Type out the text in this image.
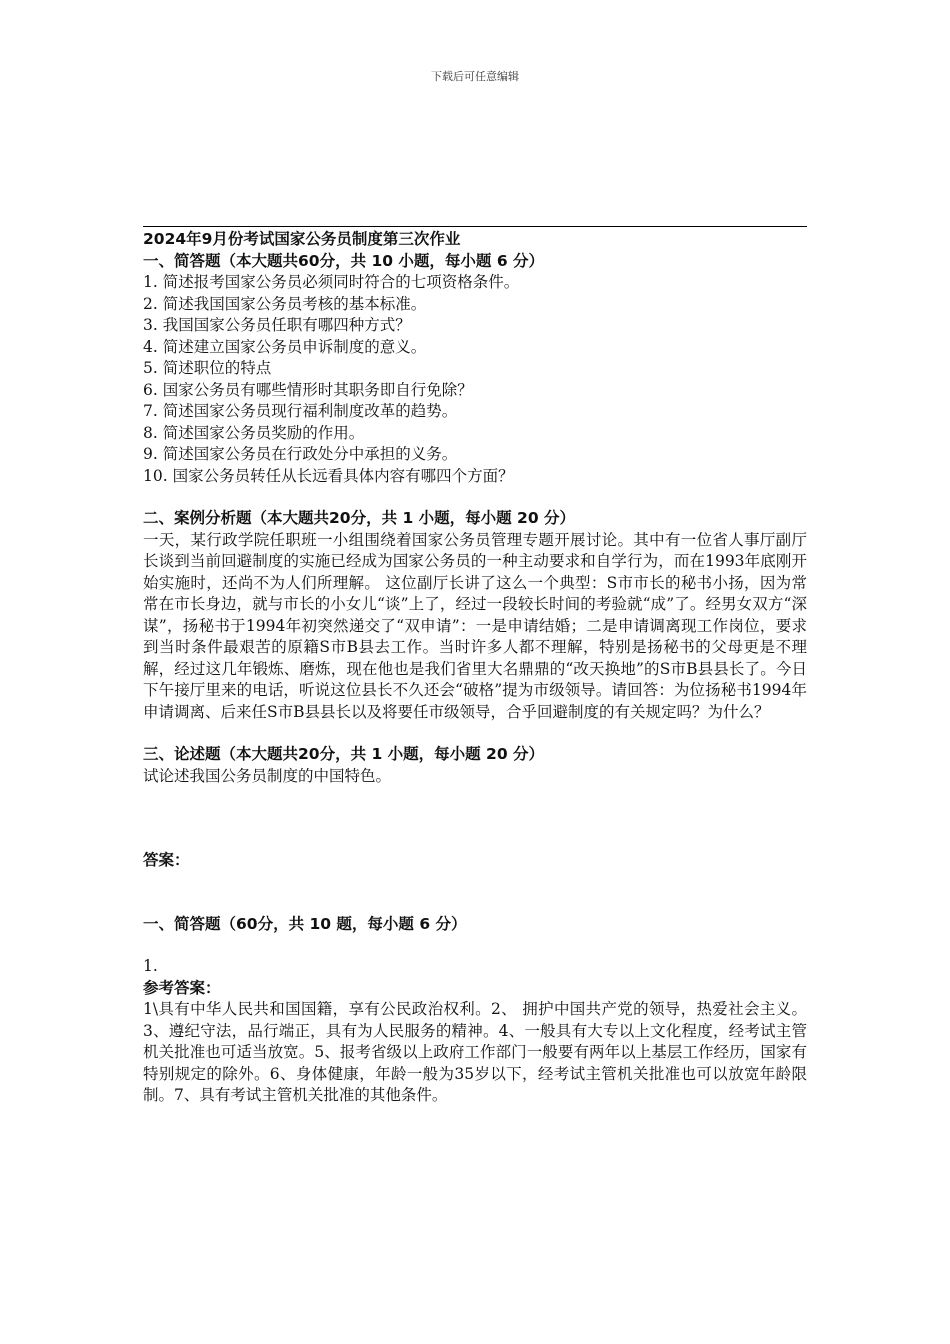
下载后可任意编辑

2024年9月份考试国家公务员制度第三次作业

一、简答题（本大题共60分，共 10 小题，每小题 6 分）

1. 简述报考国家公务员必须同时符合的七项资格条件。

2. 简述我国国家公务员考核的基本标准。

3. 我国国家公务员任职有哪四种方式？

4. 简述建立国家公务员申诉制度的意义。

5. 简述职位的特点

6. 国家公务员有哪些情形时其职务即自行免除？

7. 简述国家公务员现行福利制度改革的趋势。

8. 简述国家公务员奖励的作用。

9. 简述国家公务员在行政处分中承担的义务。

10. 国家公务员转任从长远看具体内容有哪四个方面？

二、案例分析题（本大题共20分，共 1 小题，每小题 20 分）

一天，某行政学院任职班一小组围绕着国家公务员管理专题开展讨论。其中有一位省人事厅副厅长谈到当前回避制度的实施已经成为国家公务员的一种主动要求和自学行为，而在1993年底刚开始实施时，还尚不为人们所理解。 这位副厅长讲了这么一个典型：S市市长的秘书小扬，因为常常在市长身边，就与市长的小女儿“谈”上了，经过一段较长时间的考验就“成”了。经男女双方“深谋”，扬秘书于1994年初突然递交了“双申请”：一是申请结婚；二是申请调离现工作岗位，要求到当时条件最艰苦的原籍S市B县去工作。当时许多人都不理解，特别是扬秘书的父母更是不理解，经过这几年锻炼、磨炼，现在他也是我们省里大名鼎鼎的“改天换地”的S市B县县长了。今日下午接厅里来的电话，听说这位县长不久还会“破格”提为市级领导。请回答：为位扬秘书1994年申请调离、后来任S市B县县长以及将要任市级领导，合乎回避制度的有关规定吗？为什么？

三、论述题（本大题共20分，共 1 小题，每小题 20 分）

试论述我国公务员制度的中国特色。

答案：

一、简答题（60分，共 10 题，每小题 6 分）

1.

参考答案：

1\具有中华人民共和国国籍，享有公民政治权利。2、 拥护中国共产党的领导，热爱社会主义。3、遵纪守法，品行端正，具有为人民服务的精神。4、一般具有大专以上文化程度，经考试主管机关批准也可适当放宽。5、报考省级以上政府工作部门一般要有两年以上基层工作经历，国家有特别规定的除外。6、身体健康，年龄一般为35岁以下，经考试主管机关批准也可以放宽年龄限制。7、具有考试主管机关批准的其他条件。
